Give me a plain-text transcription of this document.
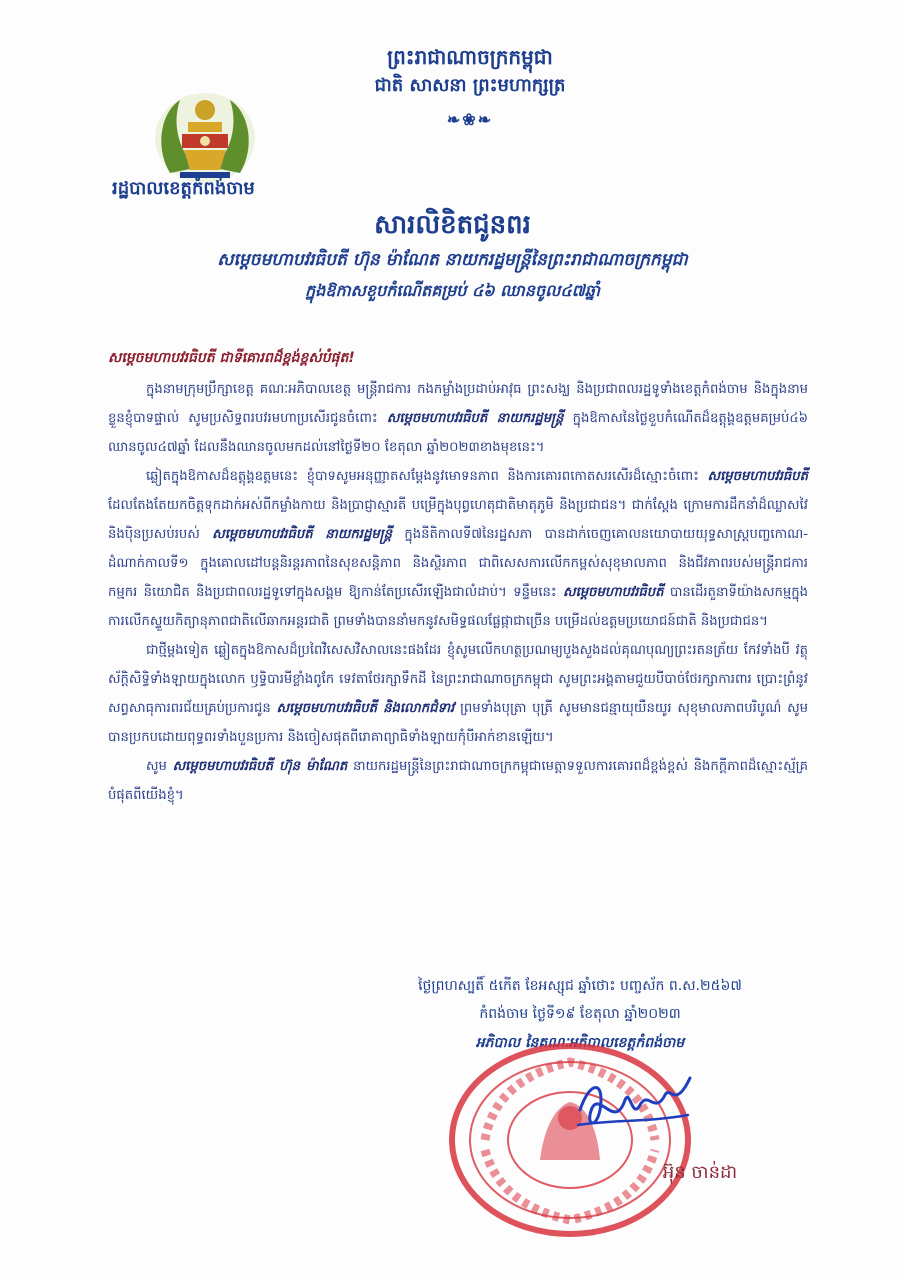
ព្រះរាជាណាចក្រកម្ពុជា
ជាតិ សាសនា ព្រះមហាក្សត្រ
❧❀❧
រដ្ឋបាលខេត្តកំពង់ចាម
សារលិខិតជូនពរ
សម្តេចមហាបវរធិបតី ហ៊ុន ម៉ាណែត នាយករដ្ឋមន្ត្រីនៃព្រះរាជាណាចក្រកម្ពុជា
ក្នុងឱកាសខួបកំណើតគម្រប់ ៤៦ ឈានចូល៤៧ឆ្នាំ
សម្តេចមហាបវរធិបតី ជាទីគោរពដ៏ខ្ពង់ខ្ពស់បំផុត!

ក្នុងនាមក្រុមប្រឹក្សាខេត្ត គណៈអភិបាលខេត្ត មន្ត្រីរាជការ កងកម្លាំងប្រដាប់អាវុធ ព្រះសង្ឃ និងប្រជាពលរដ្ឋទូទាំងខេត្តកំពង់ចាម និងក្នុងនាមខ្លួនខ្ញុំបាទផ្ទាល់ សូមប្រសិទ្ធពរបវរមហាប្រសើរជូនចំពោះ សម្តេចមហាបវរធិបតី នាយករដ្ឋមន្ត្រី ក្នុងឱកាសនៃថ្ងៃខួបកំណើតដ៏ឧត្តុង្គឧត្តមគម្រប់៤៦ ឈានចូល៤៧ឆ្នាំ ដែលនឹងឈានចូលមកដល់នៅថ្ងៃទី២០ ខែតុលា ឆ្នាំ២០២៣ខាងមុខនេះ។

ឆ្លៀតក្នុងឱកាសដ៏ឧត្តុង្គឧត្តមនេះ ខ្ញុំបាទសូមអនុញ្ញាតសម្តែងនូវមោទនភាព និងការគោរពកោតសរសើរដ៏ស្មោះចំពោះ សម្តេចមហាបវរធិបតី ដែលតែងតែយកចិត្តទុកដាក់អស់ពីកម្លាំងកាយ និងប្រាជ្ញាស្មារតី បម្រើក្នុងបុព្វហេតុជាតិមាតុភូមិ និងប្រជាជន។ ជាក់ស្តែង ក្រោមការដឹកនាំដ៏ឈ្លាសវៃ និងប៉ិនប្រសប់របស់ សម្តេចមហាបវរធិបតី នាយករដ្ឋមន្ត្រី ក្នុងនីតិកាលទី៧នៃរដ្ឋសភា បានដាក់ចេញគោលនយោបាយយុទ្ធសាស្ត្របញ្ចកោណ-ដំណាក់កាលទី១ ក្នុងគោលដៅបន្តនិរន្តរភាពនៃសុខសន្តិភាព និងស្ថិរភាព ជាពិសេសការលើកកម្ពស់សុខុមាលភាព និងជីវភាពរបស់មន្ត្រីរាជការ កម្មករ និយោជិត និងប្រជាពលរដ្ឋទូទៅក្នុងសង្គម ឱ្យកាន់តែប្រសើរឡើងជាលំដាប់។ ទន្ទឹមនេះ សម្តេចមហាបវរធិបតី បានដើរតួនាទីយ៉ាងសកម្មក្នុងការលើកស្ទួយកិត្យានុភាពជាតិលើឆាកអន្តរជាតិ ព្រមទាំងបាននាំមកនូវសមិទ្ធផលផ្លែផ្កាជាច្រើន បម្រើដល់ឧត្តមប្រយោជន៍ជាតិ និងប្រជាជន។

ជាថ្មីម្តងទៀត ឆ្លៀតក្នុងឱកាសដ៏ប្រពៃវិសេសវិសាលនេះផងដែរ ខ្ញុំសូមលើកហត្ថប្រណម្យបួងសួងដល់គុណបុណ្យព្រះរតនត្រ័យ កែវទាំងបី វត្ថុស័ក្តិសិទ្ធិទាំងឡាយក្នុងលោក ឫទ្ធិបារមីខ្លាំងពូកែ ទេវតាថែរក្សាទឹកដី នៃព្រះរាជាណាចក្រកម្ពុជា សូមព្រះអង្គតាមជួយបីបាច់ថែរក្សាការពារ ប្រោះព្រំនូវសព្វសាធុការពរជ័យគ្រប់ប្រការជូន សម្តេចមហាបវរធិបតី និងលោកជំទាវ ព្រមទាំងបុត្រា បុត្រី សូមមានជន្មាយុយឺនយូរ សុខុមាលភាពបរិបូណ៌ សូមបានប្រកបដោយពុទ្ធពរទាំងបួនប្រការ និងចៀសផុតពីរោគាព្យាធិទាំងឡាយកុំបីអាក់ខានឡើយ។

សូម សម្តេចមហាបវរធិបតី ហ៊ុន ម៉ាណែត នាយករដ្ឋមន្ត្រីនៃព្រះរាជាណាចក្រកម្ពុជាមេត្តាទទួលការគោរពដ៏ខ្ពង់ខ្ពស់ និងកក្តីភាពដ៏ស្មោះស្ម័គ្របំផុតពីយើងខ្ញុំ។

ថ្ងៃព្រហស្បតិ៍ ៥កើត ខែអស្សុជ ឆ្នាំថោះ បញ្ចស័ក ព.ស.២៥៦៧
កំពង់ចាម ថ្ងៃទី១៩ ខែតុលា ឆ្នាំ២០២៣
អភិបាល នៃគណៈអភិបាលខេត្តកំពង់ចាម
អ៊ុន ចាន់ដា
